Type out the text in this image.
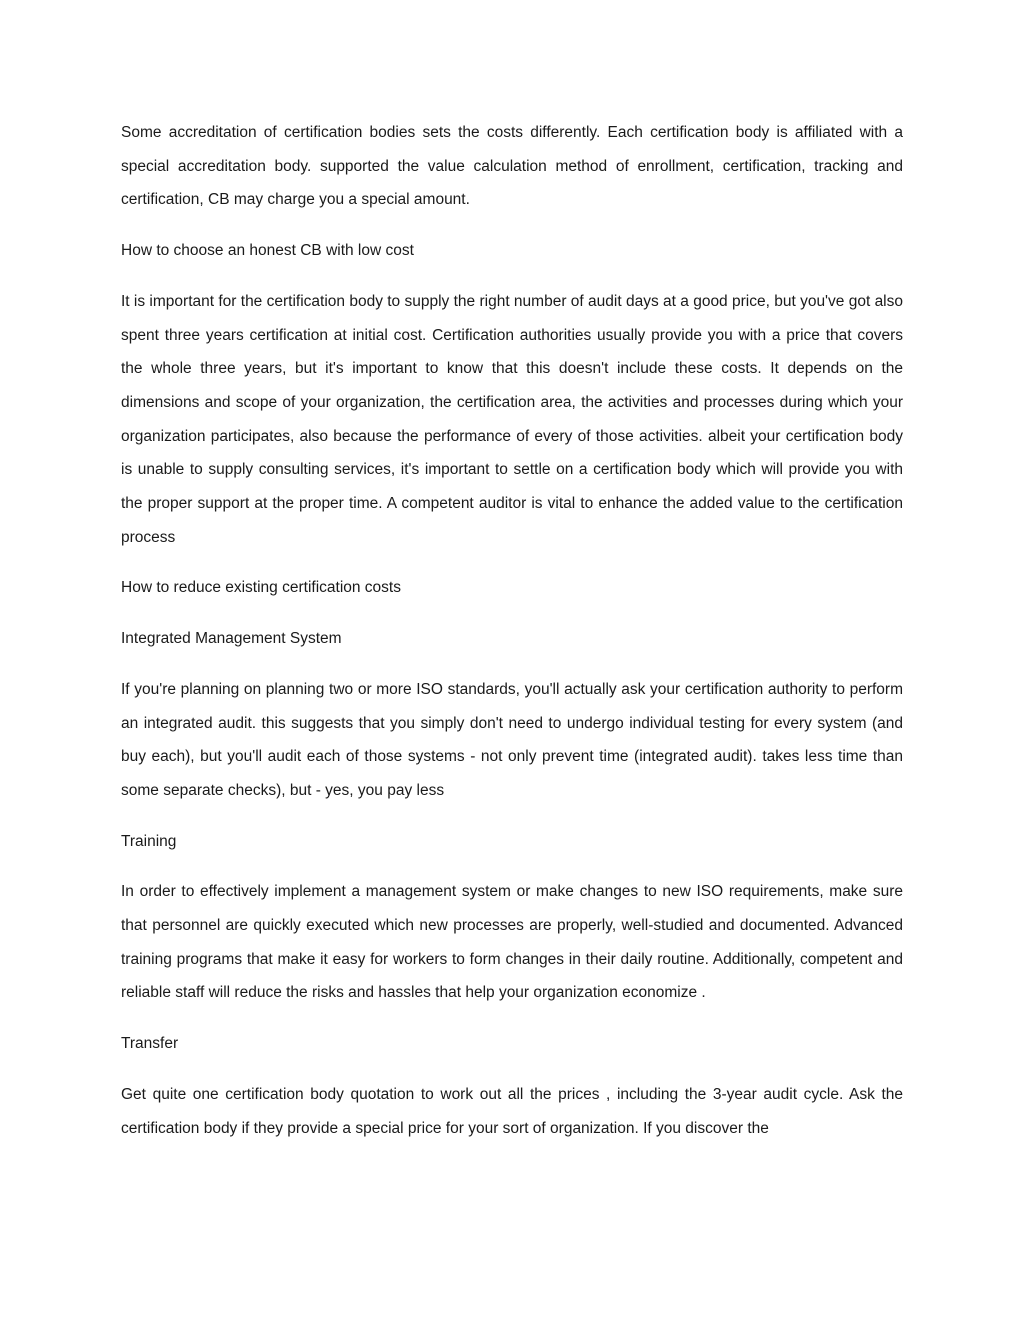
Some accreditation of certification bodies sets the costs differently. Each certification body is affiliated with a special accreditation body. supported the value calculation method of enrollment, certification, tracking and certification, CB may charge you a special amount.

How to choose an honest CB with low cost

It is important for the certification body to supply the right number of audit days at a good price, but you've got also spent three years certification at initial cost. Certification authorities usually provide you with a price that covers the whole three years, but it's important to know that this doesn't include these costs. It depends on the dimensions and scope of your organization, the certification area, the activities and processes during which your organization participates, also because the performance of every of those activities. albeit your certification body is unable to supply consulting services, it's important to settle on a certification body which will provide you with the proper support at the proper time. A competent auditor is vital to enhance the added value to the certification process

How to reduce existing certification costs

Integrated Management System

If you're planning on planning two or more ISO standards, you'll actually ask your certification authority to perform an integrated audit. this suggests that you simply don't need to undergo individual testing for every system (and buy each), but you'll audit each of those systems - not only prevent time (integrated audit). takes less time than some separate checks), but - yes, you pay less

Training

In order to effectively implement a management system or make changes to new ISO requirements, make sure that personnel are quickly executed which new processes are properly, well-studied and documented. Advanced training programs that make it easy for workers to form changes in their daily routine. Additionally, competent and reliable staff will reduce the risks and hassles that help your organization economize .

Transfer

Get quite one certification body quotation to work out all the prices , including the 3-year audit cycle. Ask the certification body if they provide a special price for your sort of organization. If you discover the
